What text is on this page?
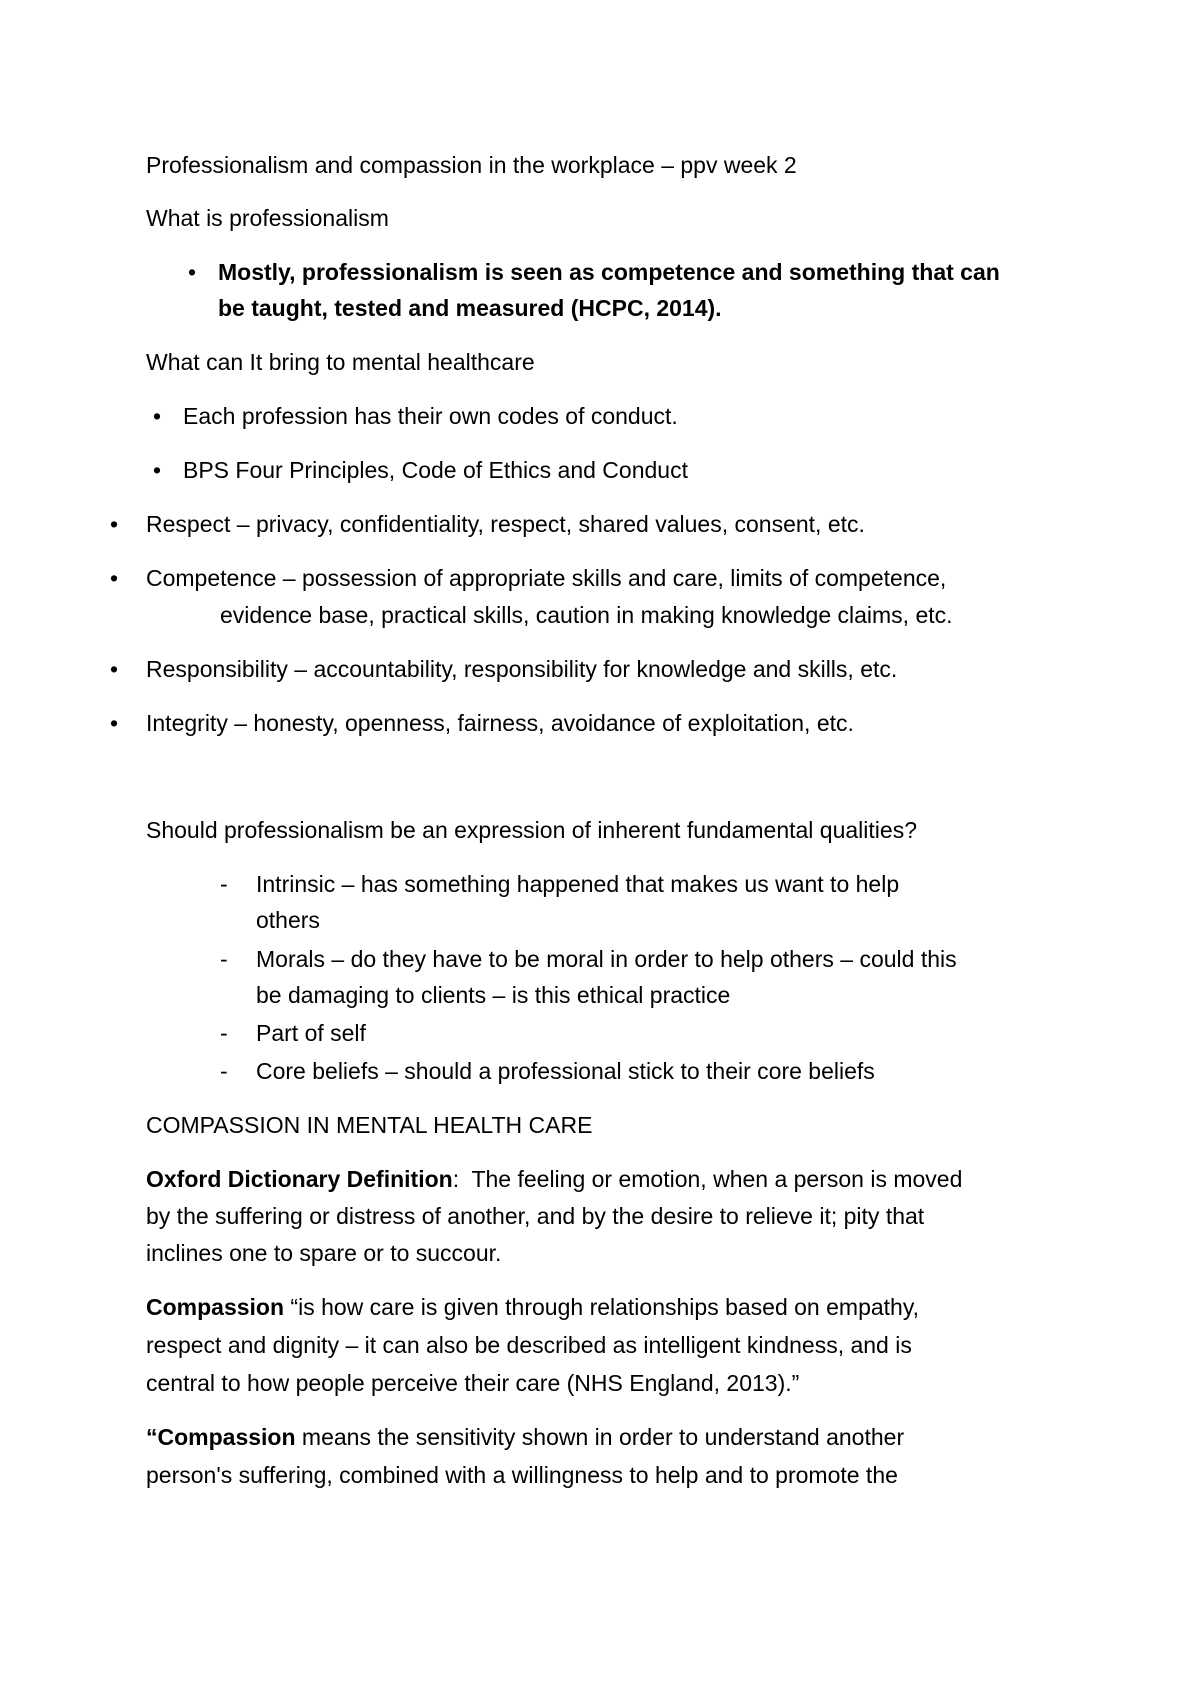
Professionalism and compassion in the workplace – ppv week 2
What is professionalism
• Mostly, professionalism is seen as competence and something that can
be taught, tested and measured (HCPC, 2014).
What can It bring to mental healthcare
• Each profession has their own codes of conduct.
• BPS Four Principles, Code of Ethics and Conduct
• Respect – privacy, confidentiality, respect, shared values, consent, etc.
• Competence – possession of appropriate skills and care, limits of competence,
evidence base, practical skills, caution in making knowledge claims, etc.
• Responsibility – accountability, responsibility for knowledge and skills, etc.
• Integrity – honesty, openness, fairness, avoidance of exploitation, etc.
Should professionalism be an expression of inherent fundamental qualities?
- Intrinsic – has something happened that makes us want to help
others
- Morals – do they have to be moral in order to help others – could this
be damaging to clients – is this ethical practice
- Part of self
- Core beliefs – should a professional stick to their core beliefs
COMPASSION IN MENTAL HEALTH CARE
Oxford Dictionary Definition:  The feeling or emotion, when a person is moved
by the suffering or distress of another, and by the desire to relieve it; pity that
inclines one to spare or to succour.
Compassion “is how care is given through relationships based on empathy,
respect and dignity – it can also be described as intelligent kindness, and is
central to how people perceive their care (NHS England, 2013).”
“Compassion means the sensitivity shown in order to understand another
person's suffering, combined with a willingness to help and to promote the
